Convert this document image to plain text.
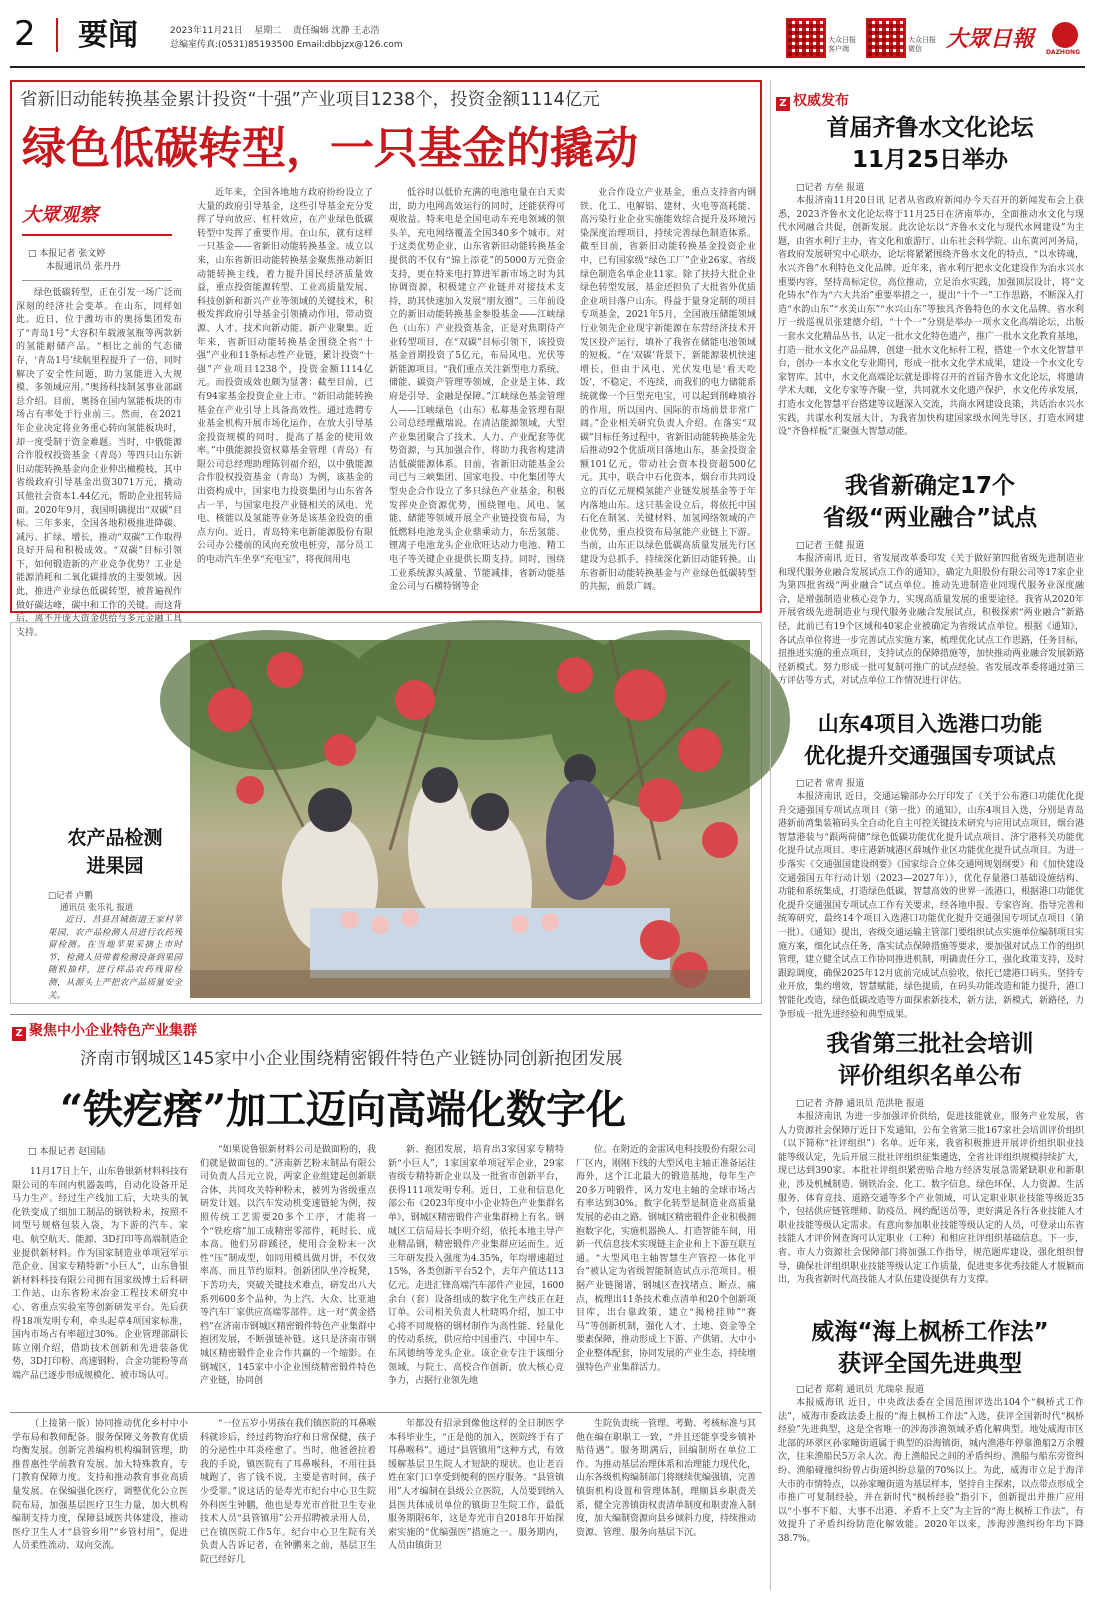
2 要闻	2023年11月21日 星期二 责任编辑 沈静 王志浩
总编室传真:(0531)85193500 Email:dbbjzx@126.com	大众日报
客户端
大众日报
微信	大眾日報
DAZHONG
省新旧动能转换基金累计投资“十强”产业项目1238个，投资金额1114亿元
绿色低碳转型，一只基金的撬动
大眾观察
□ 本报记者 张文婷
本报通讯员 张丹丹

绿色低碳转型，正在引发一场广泛而深刻的经济社会变革。在山东，同样如此。近日，位于潍坊市的奥扬集团发布了“青岛1号”大容积车载液氢瓶等两款新的氢能耐储产品。“相比之前的气态储存，‘青岛1号’续航里程提升了一倍，同时解决了安全性问题，助力氢能进入大规模、多领域应用。”奥扬科技制氢事业部副总介绍。目前，奥扬在国内氢能板块的市场占有率处于行业前三。然而，在2021年企业决定将业务重心转向氢能板块时，却一度受制于资金难题。当时，中俄能源合作股权投资基金（青岛）等四只山东新旧动能转换基金向企业伸出橄榄枝，其中省级政府引导基金出资3071万元，撬动其他社会资本1.44亿元，帮助企业扭转局面。2020年9月，我国明确提出“双碳”目标。三年多来，全国各地积极推进降碳、减污、扩绿、增长，推动“双碳”工作取得良好开局和积极成效。“双碳”目标引领下，如何锻造新的产业竞争优势？工业是能源消耗和二氧化碳排放的主要领域。因此，推进产业绿色低碳转型，被普遍视作做好碳达峰，碳中和工作的关键。而这背后，离不开庞大资金供给与多元金融工具支持。

近年来，全国各地地方政府纷纷设立了大量的政府引导基金，这些引导基金充分发挥了导向放应、杠杆效应，在产业绿色低碳转型中发挥了重要作用。在山东，就有这样一只基金——省新旧动能转换基金。成立以来，山东省新旧动能转换基金聚焦推动新旧动能转换主线，着力提升国民经济质量效益，重点投资能源转型、工业高质量发展、科技创新和新兴产业等领域的关键技术，积极发挥政府引导基金引领撬动作用，带动资源、人才、技术向新动能、新产业聚集。近年来，省新旧动能转换基金围绕全省“十强”产业和11条标志性产业链，累计投资“十强”产业项目1238个，投资金额1114亿元。而投资成效也颇为显著：截至目前，已有94家基金投资企业上市。“新旧动能转换基金在产业引导上具备高效性。通过选聘专业基金机构开展市场化运作，在放大引导基金投资规模的同时，提高了基金的使用效率。”中俄能源投资权募基金管理（青岛）有限公司总经理助理陈钊福介绍，以中俄能源合作股权投资基金（青岛）为例，该基金的出资构成中，国家电力投资集团与山东省各占一半，与国家电投产业链相关的风电、光电、核能以及氢能等业务是该基金投资的重点方向。近日，青岛特来电新能源股份有限公司办公楼前的风向充放电桩旁，部分员工的电动汽车坐享“充电宝”，将夜间用电

低谷时以低价充满的电池电量在白天卖出，助力电网高效运行的同时，还能获得可观收益。特来电是全国电动车充电领域的领头羊，充电网络覆盖全国340多个城市。对于这类优势企业，山东省新旧动能转换基金提供的不仅有“锦上添花”的5000万元资金支持，更在特来电打算进军新市场之时为其协调资源，积极建立产业链并对接技术支持，助其快速加入发展“朋友圈”。三年前设立的新旧动能转换基金参股基金——江峡绿色（山东）产业投资基金，正是对焦期待产业转型项目，在“双碳”目标引领下，该投资基金首期投资了5亿元，布局风电、光伏等新能源项目。“我们重点关注新型电力系统、储能、碳资产管理等领域，企业是主体、政府是引导、金融是保障。”江峡绿色基金管理人——江峡绿色（山东）私募基金管理有限公司总经理戴瑞说。在清洁能源领域，大型产业集团聚合了技术、人力、产业配套等优势资源，与其加强合作，将助力我省构建清洁低碳能源体系。目前，省新旧动能基金公司已与三峡集团、国家电投、中化集团等大型央企合作设立了多只绿色产业基金，积极发挥央企资源优势，围绕锂电、风电、氢能、储能等领域开展全产业链投资布局，为低燃料电池龙头企业鼎乘动力，东岳氢能、锂离子电池龙头企业欣旺达动力电池、精工电子等关键企业提供长期支持。同时，围绕工业系统源头减量、节能减排，省新动能基金公司与石横特钢等企

业合作设立产业基金，重点支持省内钢铁、化工、电解铝、建材、火电等高耗能、高污染行业企业实施能效综合提升及环境污染深度治理项目，持续完善绿色制造体系。截至目前，省新旧动能转换基金投资企业中，已有国家级“绿色工厂”企业26家、省级绿色制造名单企业11家。除了扶持大批企业绿色转型发展，基金还担负了大批省外优质企业项目落户山东。得益于量身定制的项目专项基金，2021年5月，全国液压储能领域行业领先企业现宇新能源在东营经济技术开发区投产运行，填补了我省在储能电池领域的短板。“在‘双碳’背景下，新能源装机快速增长，但由于风电、光伏发电是‘看天吃饭’，不稳定、不连续，而我们的电力储能系统就像一个巨型充电宝，可以起到削峰填谷的作用，所以国内、国际的市场前景非常广阔。”企业相关研究负责人介绍。在落实“双碳”目标任务过程中，省新旧动能转换基金先后推动92个优质项目落地山东，基金投资金额101亿元，带动社会资本投资超500亿元。其中，联合中石化资本，烟台市共同设立的百亿元规模氢能产业链发展基金等于年内落地山东。这只基金设立后，将依托中国石化在制氢、关键材料、加氢网络领域的产业优势，重点投资布局氢能产业链上下游。当前，山东正以绿色低碳高质量发展先行区建设为总抓手，持续深化新旧动能转换。山东省新旧动能转换基金与产业绿色低碳转型的共振，前景广阔。

农产品检测进果园
□记者 卢鹏
通讯员 张乐礼 报道
近日，莒县莒城街道王家村苹果园，农产品检测人员进行农药残留检测。在当地苹果采摘上市时节，检测人员带着检测设备到果园随机抽样，进行样品农药残留检测，从源头上严把农产品质量安全关。
Z 聚焦中小企业特色产业集群
济南市钢城区145家中小企业围绕精密锻件特色产业链协同创新抱团发展
“铁疙瘩”加工迈向高端化数字化
□ 本报记者 赵国陆

11月17日上午，山东鲁银新材料科技有限公司的车间内机器轰鸣，自动化设备开足马力生产。经过生产线加工后，大块头的氧化铁变成了细加工制品的钢铁粉末，按照不同型号规格包装入袋，为下游的汽车、家电、航空航天、能源、3D打印等高端制造企业提供新材料。作为国家制造业单项冠军示范企业、国家专精特新“小巨人”，山东鲁银新材料科技有限公司拥有国家级博士后科研工作站、山东省粉末冶金工程技术研究中心、省重点实验室等创新研发平台。先后获得18项发明专利，牵头起草4项国家标准，国内市场占有率超过30%。企业管理部副长陈立刚介绍，借助技术创新和先进装备优势，3D打印粉、高速钢粉、合金功能粉等高端产品已逐步形成规模化、被市场认可。

“如果说鲁银新材料公司是做面粉的，我们就是做面包的。”济南新艺粉末制品有限公司负责人吕元立说，两家企业组建起创新联合体，共同攻关特种粉末，被列为省级重点研发计划。以汽车发动机变速链轮为例，按照传统工艺需要20多个工序，才能将一个“铁疙瘩”加工成精密零部件，耗时长、成本高。他们另辟蹊径，使用合金粉末一次性“压”制成型，如同用模具做月饼，不仅效率高、而且节约原料。创新团队坐冷板凳，下苦功夫，突破关键技术难点，研发出八大系列600多个品种，为上汽、大众、比亚迪等汽车厂家供应高端零部件。这一对“黄金搭档”在济南市钢城区精密锻件特色产业集群中抱团发展，不断强链补链。这只是济南市钢城区精密锻件企业合作共赢的一个缩影。在钢城区，145家中小企业围绕精密锻件特色产业链，协同创

新、抱团发展，培育出3家国家专精特新“小巨人”，1家国家单项冠军企业，29家省级专精特新企业以及一批省市创新平台，获得111项发明专利。近日，工业和信息化部公布《2023年度中小企业特色产业集群名单》，钢城区精密锻件产业集群榜上有名。钢城区工信局局长李明介绍，依托本地主导产业精品钢，精密锻件产业集群应运而生。近三年研发投入强度为4.35%，年均增速超过15%，各类创新平台52个，去年产值达113亿元。走进汇锋高端汽车部件产业园，1600余台（套）设备组成的数字化生产线正在赶订单。公司相关负责人杜晓鸣介绍，加工中心将不同规格的钢材制作为高性能、轻量化的传动系统，供应给中国重汽、中国中车、东风德纳等龙头企业。该企业专注于该细分领域，与院士、高校合作创新，放大核心竞争力，占据行业领先地

位。在附近的金雷风电科技股份有限公司厂区内，刚刚下线的大型风电主轴正准备运往海外，这个江北最大的锻造基地，每年生产20多万吨锻件，风力发电主轴的全球市场占有率达到30%。数字化转型是制造业高质量发展的必由之路。钢城区精密锻件企业积极拥抱数字化，实施机器换人、打造智能车间，用新一代信息技术实现链主企业和上下游互联互通。“大型风电主轴智慧生产管控一体化平台”被认定为省级智能制造试点示范项目。根据产业链图谱，钢城区查找堵点、断点、痛点，梳理出11条技术难点清单和20个创新项目库，出台靠政策，建立“揭榜挂帅”“赛马”等创新机制，强化人才、土地、资金等全要素保障，推动形成上下游、产供销、大中小企业整体配套，协同发展的产业生态，持续增强特色产业集群活力。

（上接第一版）协同推动优化乡村中小学布局和教师配备。服务保障义务教育优质均衡发展。创新完善编构机构编制管理，助推普惠性学前教育发展。加大特殊教育，专门教育保障力度。支持和推动教育事业高质量发展。在保编强化医疗，调整优化公立医院布局，加强基层医疗卫生力量，加大机构编制支持力度，保障县域医共体建设，推动医疗卫生人才“县管乡用”“乡管村用”，促进人员柔性流动、双向交流。

“一位五岁小男孩在我们镇医院的耳鼻喉科就诊后，经过药物治疗和日常保健，孩子的分泌性中耳炎痊愈了。当时，他爸爸拉着我的手说，镇医院有了耳鼻喉科，不用往县城跑了，省了钱不说，主要是省时间，孩子少受罪。”说这话的是寿光市纪台中心卫生院外科医生钟鹏，他也是寿光市首批卫生专业技术人员“县管镇用”公开招聘被录用人员，已在镇医院工作5年。纪台中心卫生院有关负责人告诉记者，在钟鹏来之前，基层卫生院已经好几

年都没有招录到像他这样的全日制医学本科毕业生，“正是他的加入，医院终于有了耳鼻喉科”。通过“县管镇用”这种方式，有效缓解基层卫生院人才短缺的现状。也让老百姓在家门口享受到便利的医疗服务。“县管镇用”人才编制在县级公立医院，人员要到纳入县医共体成员单位的镇街卫生院工作，最低服务期限6年，这是寿光市自2018年开始探索实施的“优编强医”措施之一。服务期内，人员由镇街卫

生院负责统一管理、考勤、考核标准与其他在编在职职工一致，“并且还能享受乡镇补贴待遇”。服务期满后，回编制所在单位工作。为推动基层治理体系和治理能力现代化，山东各级机构编制部门将继续优编强镇，完善镇街机构设置和管理体制，理顺县乡职责关系，健全完善镇街权责清单制度和职责准入制度，加大编制资源向县乡倾斜力度，持续推动资源、管理、服务向基层下沉。

Z 权威发布
首届齐鲁水文化论坛
11月25日举办
□记者 方垒 报道

本报济南11月20日讯 记者从省政府新闻办今天召开的新闻发布会上获悉，2023齐鲁水文化论坛将于11月25日在济南举办，全面推动水文化与现代水网融合共促，创新发展。此次论坛以“齐鲁水文化与现代水网建设”为主题，由省水利厅主办，省文化和旅游厅、山东社会科学院、山东黄河河务局，省政府发展研究中心联办，论坛将紧紧围绕齐鲁水文化的特点，“以水铸魂，水兴齐鲁”水利特色文化品牌。近年来，省水利厅把水文化建设作为治水兴水重要内容，坚持高标定位，高位推动，立足治水实践，加强顶层设计，将“文化铸水”作为“六大共治”重要举措之一，提出“十个一”工作思路，不断深入打造“水韵山东”“水美山东”“水兴山东”等独具齐鲁特色的水文化品牌。省水利厅一级巡视员张建德介绍，“十个一”分别是举办一项水文化高端论坛，出版一套水文化精品丛书，认定一批水文化特色遗产，推广一批水文化教育基地，打造一批水文化产品品牌，创建一批水文化标杆工程，搭建一个水文化智慧平台，创办一本水文化专业期刊，形成一批水文化学术成果，建设一个水文化专家智库。其中，水文化高端论坛就是即将召开的首届齐鲁水文化论坛，将邀请学术大咖，文化专家等齐聚一堂，共同就水文化遗产保护，水文化传承发展，打造水文化智慧平台搭建等议题深入交流，共商水网建设良策，共话治水兴水实践，共谋水利发展大计，为我省加快构建国家级水网先导区，打造水网建设“齐鲁样板”汇聚强大智慧动能。

我省新确定17个
省级“两业融合”试点
□记者 王健 报道

本报济南讯 近日，省发展改革委印发《关于做好第四批省级先进制造业和现代服务业融合发展试点工作的通知》，确定九阳股份有限公司等17家企业为第四批省级“两业融合”试点单位。推动先进制造业同现代服务业深度融合，是增强制造业核心竞争力，实现高质量发展的重要途径。我省从2020年开展省级先进制造业与现代服务业融合发展试点，积极探索“两业融合”新路径，此前已有19个区域和40家企业被确定为省级试点单位。根据《通知》，各试点单位将进一步完善试点实施方案，梳理优化试点工作思路，任务目标，扭推进实施的重点项目，支持试点的保障措施等，加快推动两业融合发展新路径新模式。努力形成一批可复制可推广的试点经验。省发展改革委将通过第三方评估等方式，对试点单位工作情况进行评估。

山东4项目入选港口功能
优化提升交通强国专项试点
□记者 常青 报道

本报济南讯 近日，交通运输部办公厅印发了《关于公布港口功能优化提升交通强国专项试点项目（第一批）的通知》，山东4项目入选，分别是青岛港新前湾集装箱码头全自动化自主可控关键技术研究与应用试点项目，烟台港智慧港装与“跟两荷储”绿色低碳功能优化提升试点项目、济宁港科关功能优化提升试点项目、枣庄港新城港区薛城作业区功能优化提升试点项目。为进一步落实《交通强国建设纲要》《国家综合立体交通网规划纲要》和《加快建设交通强国五年行动计划（2023—2027年）》，优化存量港口基础设施结构、功能和系统集成，打造绿色低碳，智慧高效的世界一流港口，根据港口功能优化提升交通强国专项试点工作有关要求，经各地申报、专家咨询、指导完善和统筹研究，最终14个项目入选港口功能优化提升交通强国专项试点项目（第一批）。《通知》提出，省级交通运输主管部门要组织试点实施单位编制项目实施方案，细化试点任务，落实试点保障措施等要求，要加强对试点工作的组织管理，建立健全试点工作协同推进机制，明确责任分工，强化政策支持，及时跟踪调度，确保2025年12月底前完成试点验收，依托已建港口码头，坚持专业开放，集约增效，智慧赋能，绿色提质，在码头功能改造和能力提升，港口智能化改造，绿色低碳改造等方面探索新技术，新方法，新模式，新路径，力争形成一批先进经验和典型成果。

我省第三批社会培训
评价组织名单公布
□记者 齐静 通讯员 范洪艳 报道

本报济南讯 为进一步加强评价供给，促进技能就业，服务产业发展，省人力资源社会保障厅近日下发通知，公布全省第三批167家社会培训评价组织（以下简称“社评组织”）名单。近年来，我省积极推进开展评价组织职业技能等级认定，先后开展三批社评组织征集遴选，全省社评组织规模持续扩大，现已达到390家。本批社评组织紧密贴合地方经济发展急需紧缺职业和新职业，涉及机械制造、钢铁冶金、化工、数字信息、绿色环保、人力资源、生活服务、体育竞技、道路交通等多个产业领域，可认定职业职业技能等级近35个，包括供应链管理师、防疫员、网约配送员等，更好满足各行各业技能人才职业技能等级认定需求。有意向参加职业技能等级认定的人员，可登录山东省技能人才评价网查询可认定职业（工种）和相应社评组织基础信息。下一步，省、市人力资源社会保障部门将加强工作指导，规范题库建设，强化组织督导，确保社评组织职业技能等级认定工作质量，促进更多优秀技能人才脱颖而出，为我省新时代高技能人才队伍建设提供有力支撑。

威海“海上枫桥工作法”
获评全国先进典型
□记者 郑莉 通讯员 尤瑞泉 报道

本报威海讯 近日，中央政法委在全国范围评选出104个“枫桥式工作法”，威海市委政法委上报的“海上枫桥工作法”入选，获评全国新时代“枫桥经验”先进典型，这是全省唯一的涉海涉渔领域矛盾化解典型。地处威海市区北部的环翠区孙家疃街道属于典型的沿海镇街，城内渔港年停靠渔船2万余艘次，往来渔船民5万余人次。海上渔船民之间的矛盾纠纷、渔船与船东旁资纠纷、渔船碰撞纠纷曾占街道纠纷总量的70%以上。为此，威海市立足于海洋大市的市情特点，以孙家疃街道为基层样本，坚持自主探索，以点带点形成全市推广可复制经验，并在新时代“枫桥经验”指引下，创新提出并推广应用以“小事不下船、大事不出港、矛盾不上交”为主旨的“海上枫桥工作法”，有效提升了矛盾纠纷防范化解效能。2020年以来，涉海涉渔纠纷年均下降38.7%。
